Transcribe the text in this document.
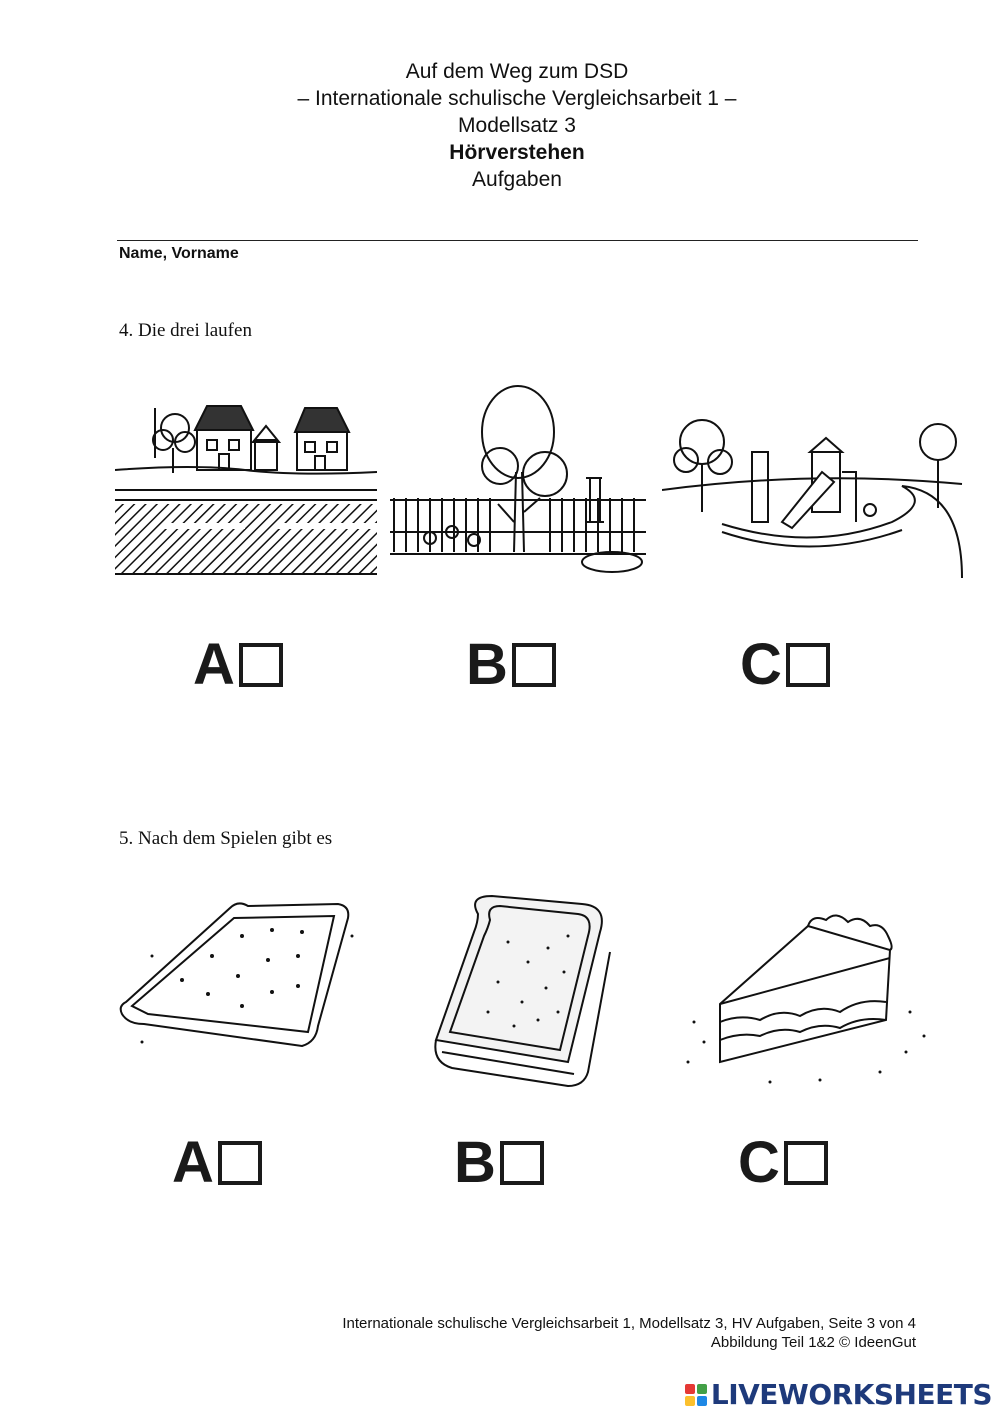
Auf dem Weg zum DSD
– Internationale schulische Vergleichsarbeit 1 –
Modellsatz 3
Hörverstehen
Aufgaben
Name, Vorname
4. Die drei laufen
A	B	C
5. Nach dem Spielen gibt es
A	B	C
Internationale schulische Vergleichsarbeit 1, Modellsatz 3, HV Aufgaben, Seite 3 von 4
Abbildung Teil 1&2 © IdeenGut
LIVEWORKSHEETS
